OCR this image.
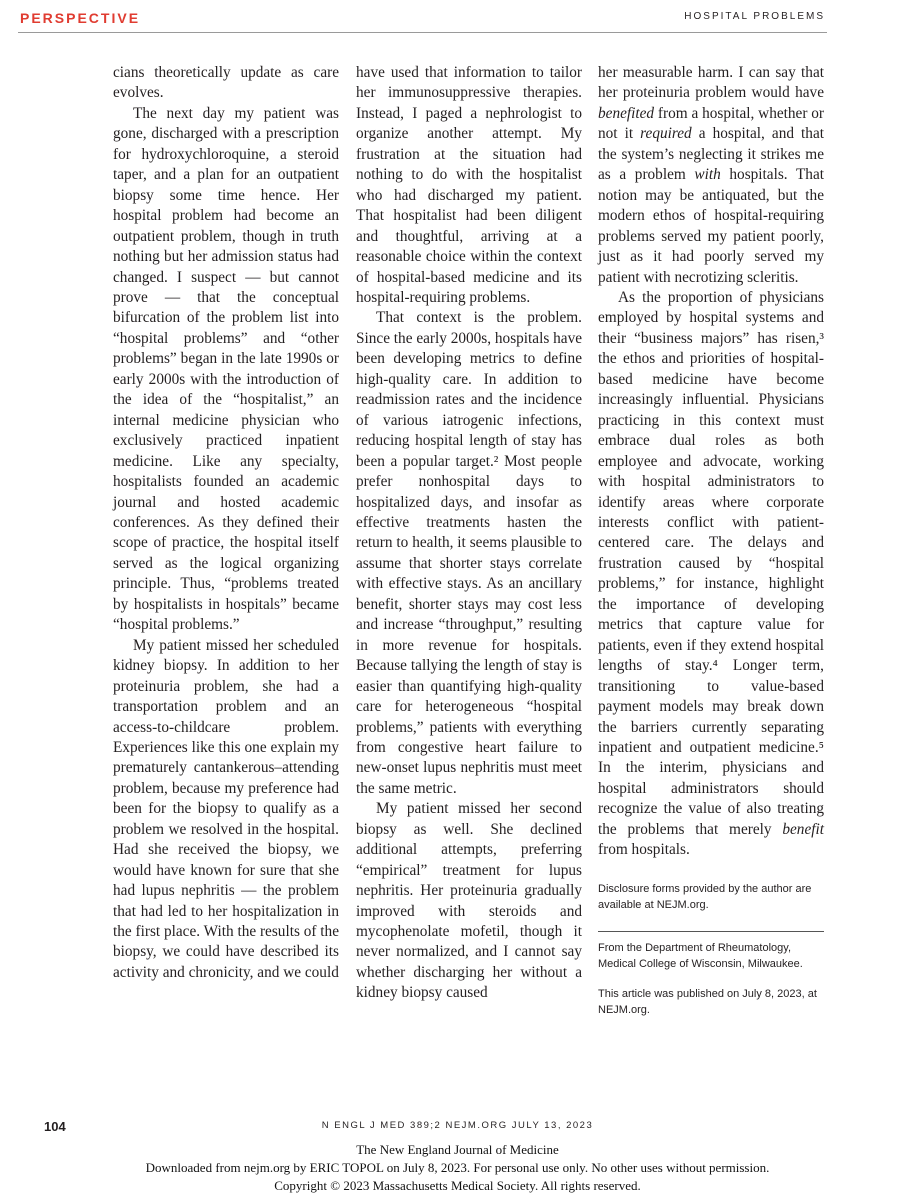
PERSPECTIVE	HOSPITAL PROBLEMS

cians theoretically update as care evolves.

The next day my patient was gone, discharged with a prescription for hydroxychloroquine, a steroid taper, and a plan for an outpatient biopsy some time hence. Her hospital problem had become an outpatient problem, though in truth nothing but her admission status had changed. I suspect — but cannot prove — that the conceptual bifurcation of the problem list into “hospital problems” and “other problems” began in the late 1990s or early 2000s with the introduction of the idea of the “hospitalist,” an internal medicine physician who exclusively practiced inpatient medicine. Like any specialty, hospitalists founded an academic journal and hosted academic conferences. As they defined their scope of practice, the hospital itself served as the logical organizing principle. Thus, “problems treated by hospitalists in hospitals” became “hospital problems.”

My patient missed her scheduled kidney biopsy. In addition to her proteinuria problem, she had a transportation problem and an access-to-childcare problem. Experiences like this one explain my prematurely cantankerous–attending problem, because my preference had been for the biopsy to qualify as a problem we resolved in the hospital. Had she received the biopsy, we would have known for sure that she had lupus nephritis — the problem that had led to her hospitalization in the first place. With the results of the biopsy, we could have described its activity and chronicity, and we could

have used that information to tailor her immunosuppressive therapies. Instead, I paged a nephrologist to organize another attempt. My frustration at the situation had nothing to do with the hospitalist who had discharged my patient. That hospitalist had been diligent and thoughtful, arriving at a reasonable choice within the context of hospital-based medicine and its hospital-requiring problems.

That context is the problem. Since the early 2000s, hospitals have been developing metrics to define high-quality care. In addition to readmission rates and the incidence of various iatrogenic infections, reducing hospital length of stay has been a popular target.² Most people prefer nonhospital days to hospitalized days, and insofar as effective treatments hasten the return to health, it seems plausible to assume that shorter stays correlate with effective stays. As an ancillary benefit, shorter stays may cost less and increase “throughput,” resulting in more revenue for hospitals. Because tallying the length of stay is easier than quantifying high-quality care for heterogeneous “hospital problems,” patients with everything from congestive heart failure to new-onset lupus nephritis must meet the same metric.

My patient missed her second biopsy as well. She declined additional attempts, preferring “empirical” treatment for lupus nephritis. Her proteinuria gradually improved with steroids and mycophenolate mofetil, though it never normalized, and I cannot say whether discharging her without a kidney biopsy caused

her measurable harm. I can say that her proteinuria problem would have benefited from a hospital, whether or not it required a hospital, and that the system’s neglecting it strikes me as a problem with hospitals. That notion may be antiquated, but the modern ethos of hospital-requiring problems served my patient poorly, just as it had poorly served my patient with necrotizing scleritis.

As the proportion of physicians employed by hospital systems and their “business majors” has risen,³ the ethos and priorities of hospital-based medicine have become increasingly influential. Physicians practicing in this context must embrace dual roles as both employee and advocate, working with hospital administrators to identify areas where corporate interests conflict with patient-centered care. The delays and frustration caused by “hospital problems,” for instance, highlight the importance of developing metrics that capture value for patients, even if they extend hospital lengths of stay.⁴ Longer term, transitioning to value-based payment models may break down the barriers currently separating inpatient and outpatient medicine.⁵ In the interim, physicians and hospital administrators should recognize the value of also treating the problems that merely benefit from hospitals.

Disclosure forms provided by the author are available at NEJM.org.
From the Department of Rheumatology, Medical College of Wisconsin, Milwaukee.
This article was published on July 8, 2023, at NEJM.org.
104	N ENGL J MED 389;2 NEJM.ORG JULY 13, 2023
The New England Journal of Medicine
Downloaded from nejm.org by ERIC TOPOL on July 8, 2023. For personal use only. No other uses without permission.
Copyright © 2023 Massachusetts Medical Society. All rights reserved.
